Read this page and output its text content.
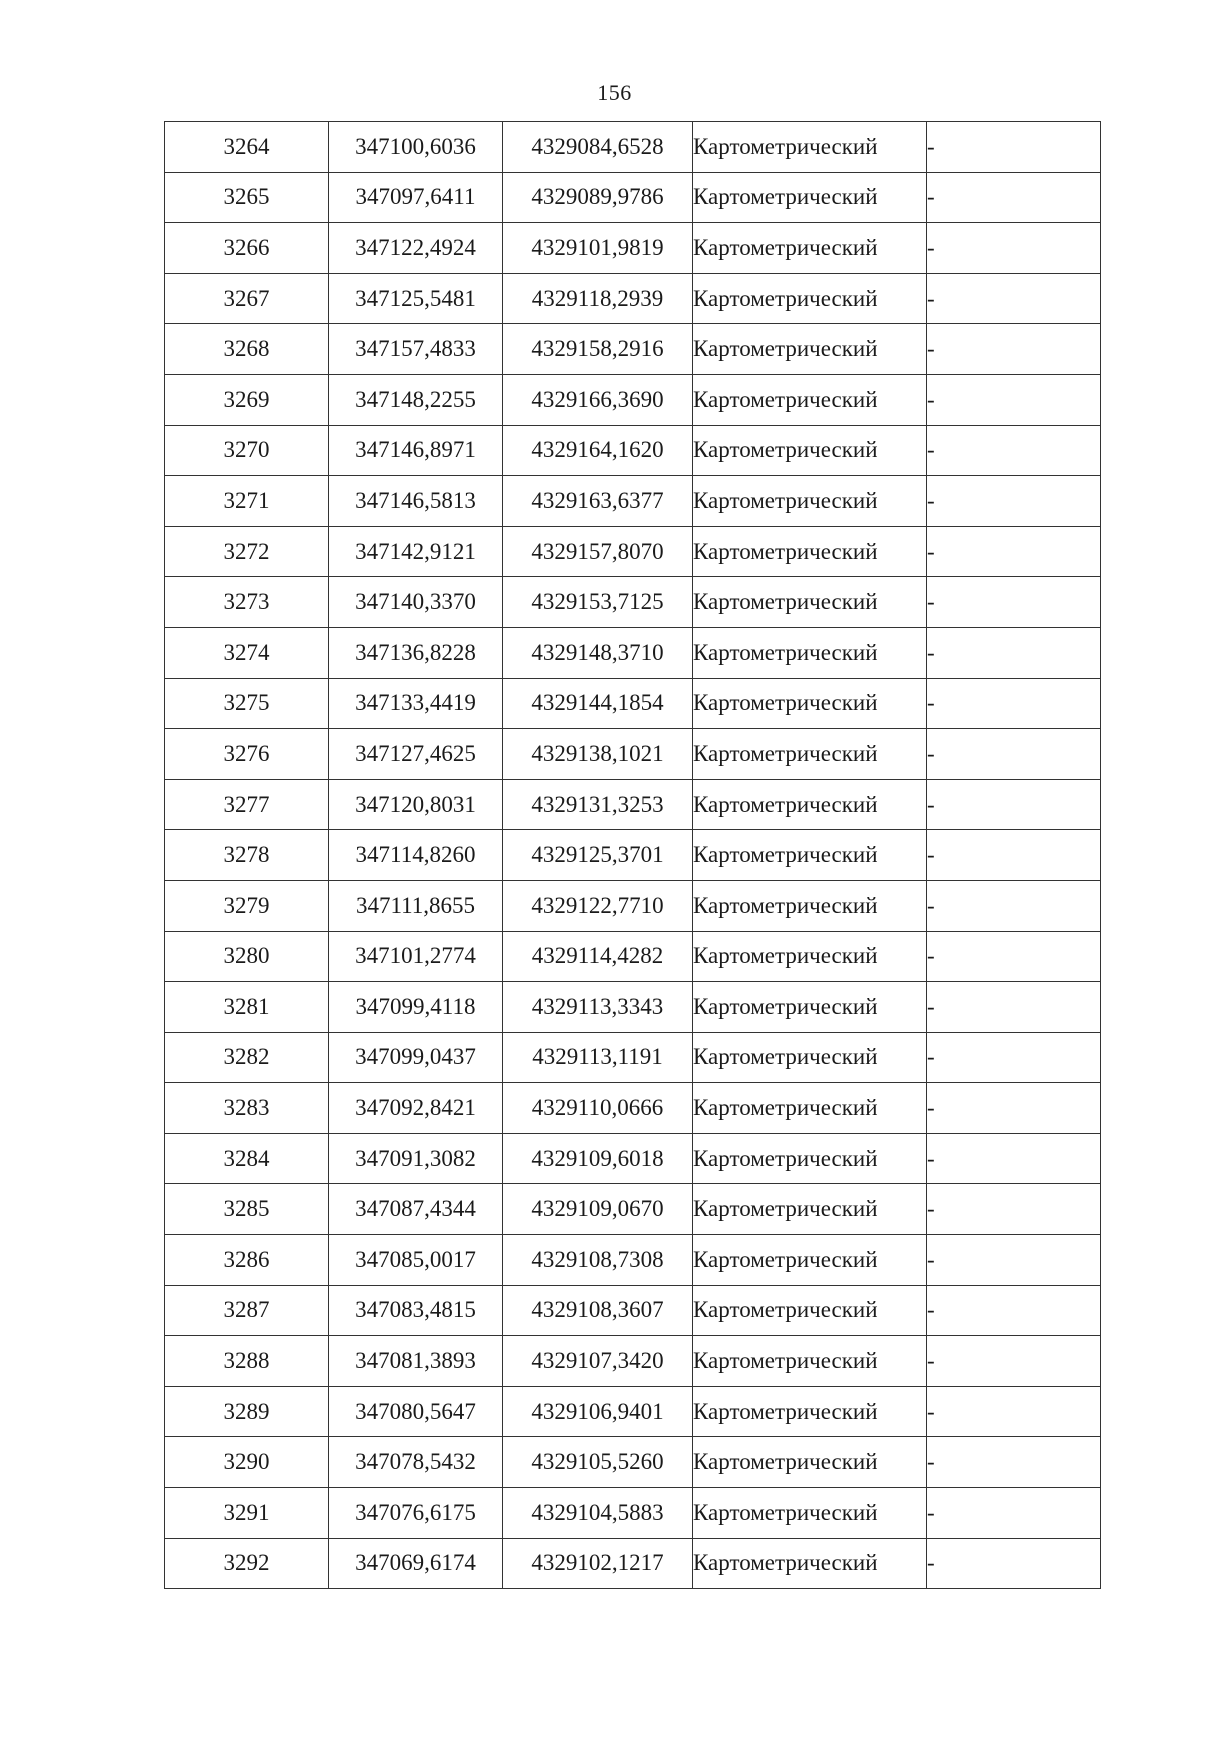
156
3264	347100,6036	4329084,6528	Картометрический	-
3265	347097,6411	4329089,9786	Картометрический	-
3266	347122,4924	4329101,9819	Картометрический	-
3267	347125,5481	4329118,2939	Картометрический	-
3268	347157,4833	4329158,2916	Картометрический	-
3269	347148,2255	4329166,3690	Картометрический	-
3270	347146,8971	4329164,1620	Картометрический	-
3271	347146,5813	4329163,6377	Картометрический	-
3272	347142,9121	4329157,8070	Картометрический	-
3273	347140,3370	4329153,7125	Картометрический	-
3274	347136,8228	4329148,3710	Картометрический	-
3275	347133,4419	4329144,1854	Картометрический	-
3276	347127,4625	4329138,1021	Картометрический	-
3277	347120,8031	4329131,3253	Картометрический	-
3278	347114,8260	4329125,3701	Картометрический	-
3279	347111,8655	4329122,7710	Картометрический	-
3280	347101,2774	4329114,4282	Картометрический	-
3281	347099,4118	4329113,3343	Картометрический	-
3282	347099,0437	4329113,1191	Картометрический	-
3283	347092,8421	4329110,0666	Картометрический	-
3284	347091,3082	4329109,6018	Картометрический	-
3285	347087,4344	4329109,0670	Картометрический	-
3286	347085,0017	4329108,7308	Картометрический	-
3287	347083,4815	4329108,3607	Картометрический	-
3288	347081,3893	4329107,3420	Картометрический	-
3289	347080,5647	4329106,9401	Картометрический	-
3290	347078,5432	4329105,5260	Картометрический	-
3291	347076,6175	4329104,5883	Картометрический	-
3292	347069,6174	4329102,1217	Картометрический	-
